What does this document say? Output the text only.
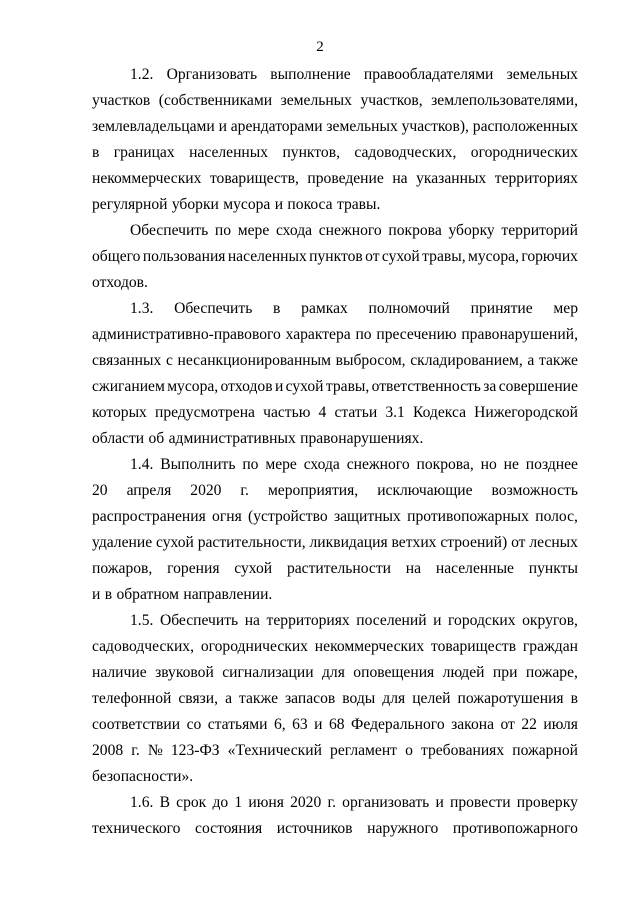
2
1.2. Организовать выполнение правообладателями земельных
участков (собственниками земельных участков, землепользователями,
землевладельцами и арендаторами земельных участков), расположенных
в границах населенных пунктов, садоводческих, огороднических
некоммерческих товариществ, проведение на указанных территориях
регулярной уборки мусора и покоса травы.
Обеспечить по мере схода снежного покрова уборку территорий
общего пользования населенных пунктов от сухой травы, мусора, горючих
отходов.
1.3. Обеспечить в рамках полномочий принятие мер
административно-правового характера по пресечению правонарушений,
связанных с несанкционированным выбросом, складированием, а также
сжиганием мусора, отходов и сухой травы, ответственность за совершение
которых предусмотрена частью 4 статьи 3.1 Кодекса Нижегородской
области об административных правонарушениях.
1.4. Выполнить по мере схода снежного покрова, но не позднее
20 апреля 2020 г. мероприятия, исключающие возможность
распространения огня (устройство защитных противопожарных полос,
удаление сухой растительности, ликвидация ветхих строений) от лесных
пожаров, горения сухой растительности на населенные пункты
и в обратном направлении.
1.5. Обеспечить на территориях поселений и городских округов,
садоводческих, огороднических некоммерческих товариществ граждан
наличие звуковой сигнализации для оповещения людей при пожаре,
телефонной связи, а также запасов воды для целей пожаротушения в
соответствии со статьями 6, 63 и 68 Федерального закона от 22 июля
2008 г. № 123-ФЗ «Технический регламент о требованиях пожарной
безопасности».
1.6. В срок до 1 июня 2020 г. организовать и провести проверку
технического состояния источников наружного противопожарного
